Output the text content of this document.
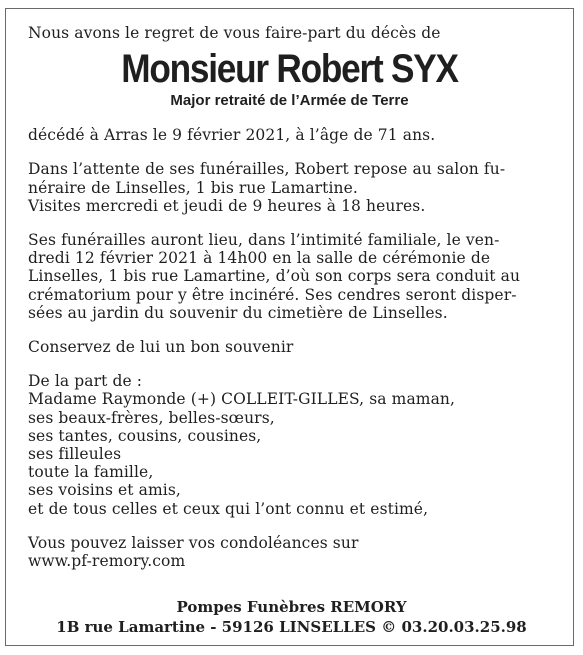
Nous avons le regret de vous faire-part du décès de

Monsieur Robert SYX
Major retraité de l’Armée de Terre

décédé à Arras le 9 février 2021, à l’âge de 71 ans.

Dans l’attente de ses funérailles, Robert repose au salon fu-
néraire de Linselles, 1 bis rue Lamartine.
Visites mercredi et jeudi de 9 heures à 18 heures.
Ses funérailles auront lieu, dans l’intimité familiale, le ven-
dredi 12 février 2021 à 14h00 en la salle de cérémonie de
Linselles, 1 bis rue Lamartine, d’où son corps sera conduit au
crématorium pour y être incinéré. Ses cendres seront disper-
sées au jardin du souvenir du cimetière de Linselles.

Conservez de lui un bon souvenir

De la part de :
Madame Raymonde (+) COLLEIT-GILLES, sa maman,
ses beaux-frères, belles-sœurs,
ses tantes, cousins, cousines,
ses filleules
toute la famille,
ses voisins et amis,
et de tous celles et ceux qui l’ont connu et estimé,
Vous pouvez laisser vos condoléances sur
www.pf-remory.com
Pompes Funèbres REMORY
1B rue Lamartine - 59126 LINSELLES © 03.20.03.25.98
